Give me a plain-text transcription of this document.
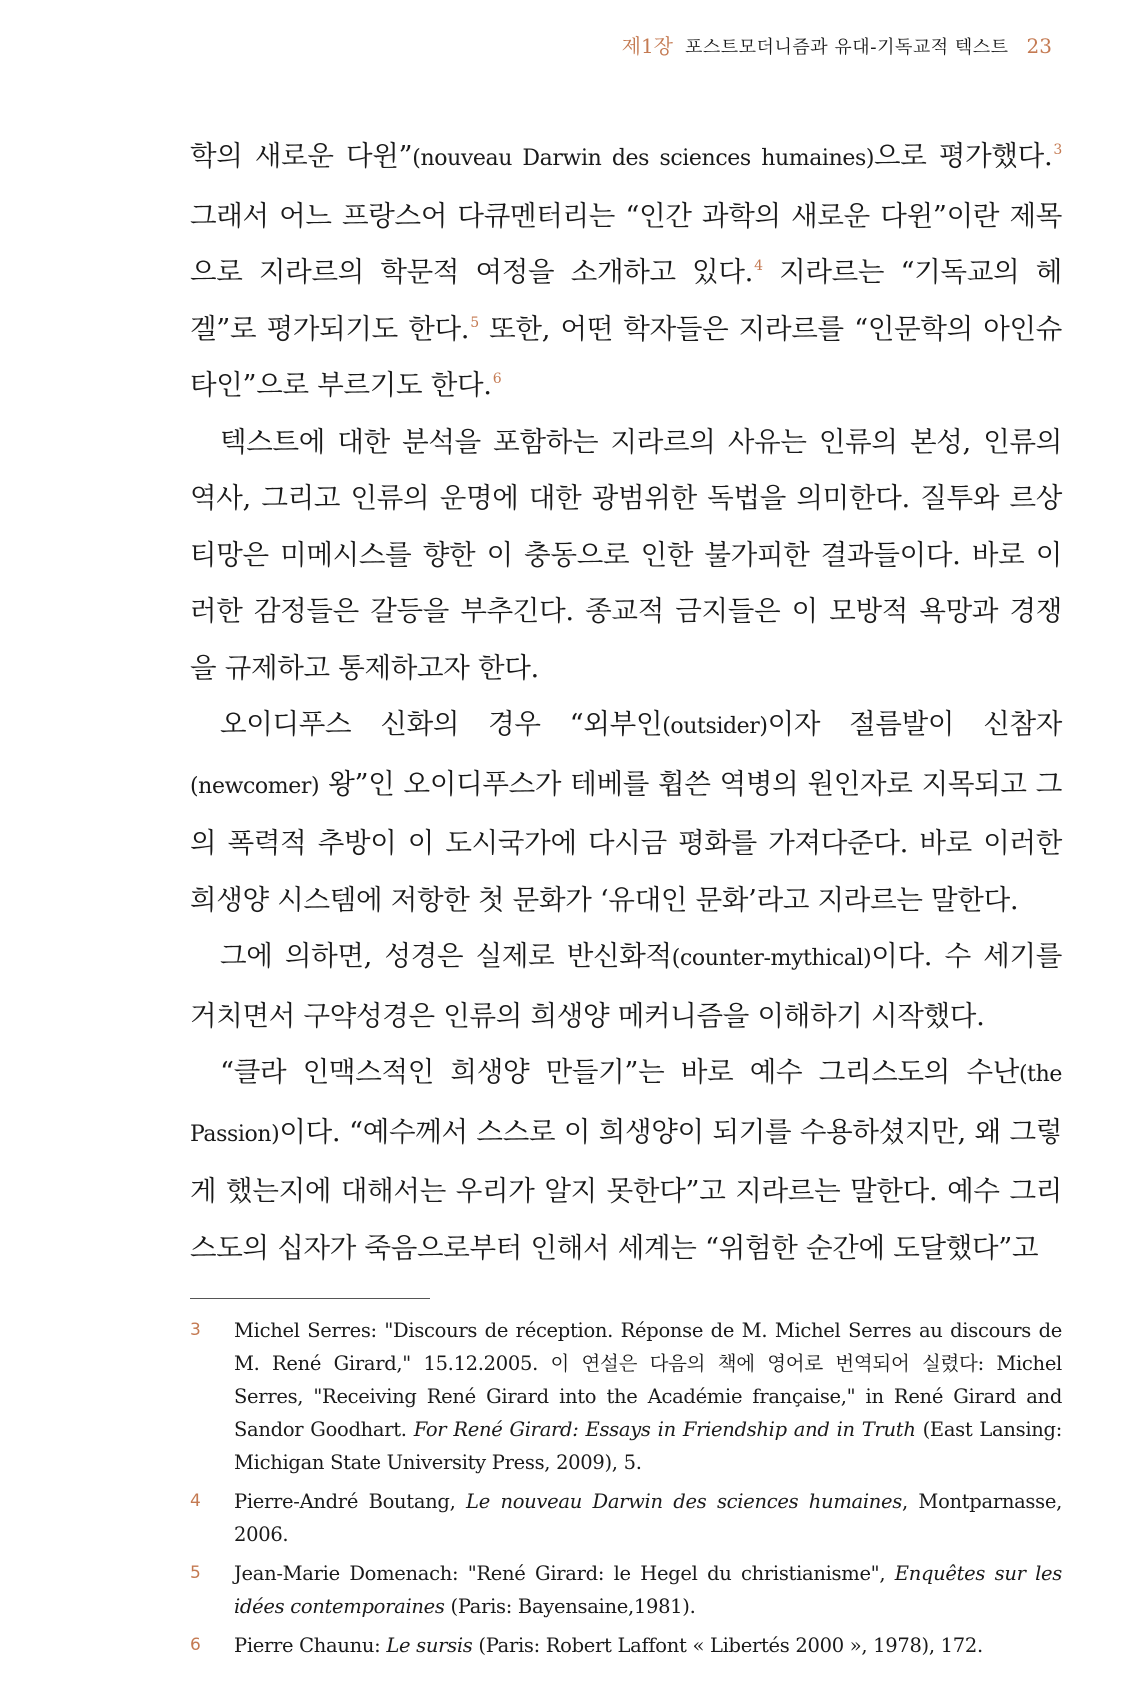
제1장 포스트모더니즘과 유대-기독교적 텍스트 23

학의 새로운 다윈”(nouveau Darwin des sciences humaines)으로 평가했다.$^3$ 그래서 어느 프랑스어 다큐멘터리는 “인간 과학의 새로운 다윈”이란 제목으로 지라르의 학문적 여정을 소개하고 있다.$^4$ 지라르는 “기독교의 헤겔”로 평가되기도 한다.$^5$ 또한, 어떤 학자들은 지라르를 “인문학의 아인슈타인”으로 부르기도 한다.$^6$

텍스트에 대한 분석을 포함하는 지라르의 사유는 인류의 본성, 인류의 역사, 그리고 인류의 운명에 대한 광범위한 독법을 의미한다. 질투와 르상티망은 미메시스를 향한 이 충동으로 인한 불가피한 결과들이다. 바로 이러한 감정들은 갈등을 부추긴다. 종교적 금지들은 이 모방적 욕망과 경쟁을 규제하고 통제하고자 한다.

오이디푸스 신화의 경우 “외부인(outsider)이자 절름발이 신참자(newcomer) 왕”인 오이디푸스가 테베를 휩쓴 역병의 원인자로 지목되고 그의 폭력적 추방이 이 도시국가에 다시금 평화를 가져다준다. 바로 이러한 희생양 시스템에 저항한 첫 문화가 ‘유대인 문화’라고 지라르는 말한다.

그에 의하면, 성경은 실제로 반신화적(counter-mythical)이다. 수 세기를 거치면서 구약성경은 인류의 희생양 메커니즘을 이해하기 시작했다.

“클라 인맥스적인 희생양 만들기”는 바로 예수 그리스도의 수난(the Passion)이다. “예수께서 스스로 이 희생양이 되기를 수용하셨지만, 왜 그렇게 했는지에 대해서는 우리가 알지 못한다”고 지라르는 말한다. 예수 그리스도의 십자가 죽음으로부터 인해서 세계는 “위험한 순간에 도달했다”고

3 Michel Serres: "Discours de réception. Réponse de M. Michel Serres au discours de M. René Girard," 15.12.2005. 이 연설은 다음의 책에 영어로 번역되어 실렸다: Michel Serres, "Receiving René Girard into the Académie française," in René Girard and Sandor Goodhart. For René Girard: Essays in Friendship and in Truth (East Lansing: Michigan State University Press, 2009), 5.
4 Pierre-André Boutang, Le nouveau Darwin des sciences humaines, Montparnasse, 2006.
5 Jean-Marie Domenach: "René Girard: le Hegel du christianisme", Enquêtes sur les idées contemporaines (Paris: Bayensaine,1981).
6 Pierre Chaunu: Le sursis (Paris: Robert Laffont « Libertés 2000 », 1978), 172.
